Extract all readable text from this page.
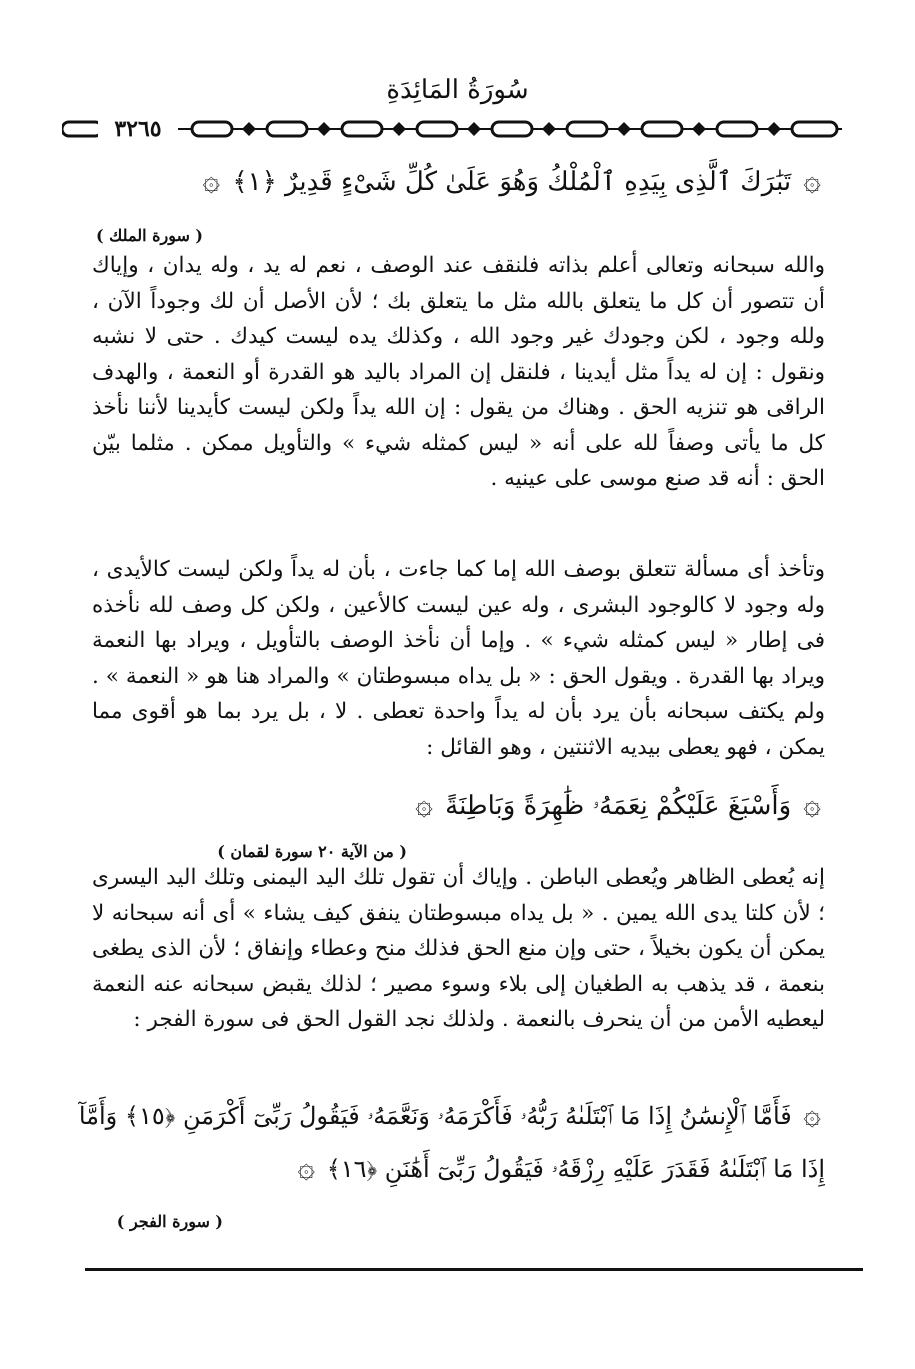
سُورَةُ المَائِدَةِ
٣٢٦٥
۞ تَبَٰرَكَ ٱلَّذِى بِيَدِهِ ٱلْمُلْكُ وَهُوَ عَلَىٰ كُلِّ شَىْءٍ قَدِيرٌ ﴿١﴾ ۞
( سورة الملك )
والله سبحانه وتعالى أعلم بذاته فلنقف عند الوصف ، نعم له يد ، وله يدان ، وإياك أن تتصور أن كل ما يتعلق بالله مثل ما يتعلق بك ؛ لأن الأصل أن لك وجوداً الآن ، ولله وجود ، لكن وجودك غير وجود الله ، وكذلك يده ليست كيدك . حتى لا نشبه ونقول : إن له يداً مثل أيدينا ، فلنقل إن المراد باليد هو القدرة أو النعمة ، والهدف الراقى هو تنزيه الحق . وهناك من يقول : إن الله يداً ولكن ليست كأيدينا لأننا نأخذ كل ما يأتى وصفاً لله على أنه « ليس كمثله شيء » والتأويل ممكن . مثلما بيّن الحق : أنه قد صنع موسى على عينيه .
وتأخذ أى مسألة تتعلق بوصف الله إما كما جاءت ، بأن له يداً ولكن ليست كالأيدى ، وله وجود لا كالوجود البشرى ، وله عين ليست كالأعين ، ولكن كل وصف لله نأخذه فى إطار « ليس كمثله شيء » . وإما أن نأخذ الوصف بالتأويل ، ويراد بها النعمة ويراد بها القدرة . ويقول الحق : « بل يداه مبسوطتان » والمراد هنا هو « النعمة » . ولم يكتف سبحانه بأن يرد بأن له يداً واحدة تعطى . لا ، بل يرد بما هو أقوى مما يمكن ، فهو يعطى بيديه الاثنتين ، وهو القائل :
۞ وَأَسْبَغَ عَلَيْكُمْ نِعَمَهُۥ ظَٰهِرَةً وَبَاطِنَةً ۞
( من الآية ٢٠ سورة لقمان )
إنه يُعطى الظاهر ويُعطى الباطن . وإياك أن تقول تلك اليد اليمنى وتلك اليد اليسرى ؛ لأن كلتا يدى الله يمين . « بل يداه مبسوطتان ينفق كيف يشاء » أى أنه سبحانه لا يمكن أن يكون بخيلاً ، حتى وإن منع الحق فذلك منح وعطاء وإنفاق ؛ لأن الذى يطغى بنعمة ، قد يذهب به الطغيان إلى بلاء وسوء مصير ؛ لذلك يقبض سبحانه عنه النعمة ليعطيه الأمن من أن ينحرف بالنعمة . ولذلك نجد القول الحق فى سورة الفجر :
۞ فَأَمَّا ٱلْإِنسَٰنُ إِذَا مَا ٱبْتَلَىٰهُ رَبُّهُۥ فَأَكْرَمَهُۥ وَنَعَّمَهُۥ فَيَقُولُ رَبِّىٓ أَكْرَمَنِ ﴿١٥﴾ وَأَمَّآ
إِذَا مَا ٱبْتَلَىٰهُ فَقَدَرَ عَلَيْهِ رِزْقَهُۥ فَيَقُولُ رَبِّىٓ أَهَٰنَنِ ﴿١٦﴾ ۞
( سورة الفجر )
